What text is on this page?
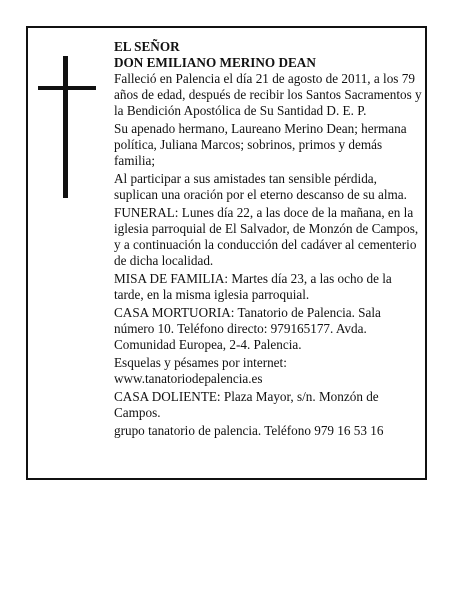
EL SEÑOR

DON EMILIANO MERINO DEAN

Falleció en Palencia el día 21 de agosto de 2011, a los 79 años de edad, después de recibir los Santos Sacramentos y la Bendición Apostólica de Su Santidad D. E. P.

Su apenado hermano, Laureano Merino Dean; hermana política, Juliana Marcos; sobrinos, primos y demás familia;

Al participar a sus amistades tan sensible pérdida, suplican una oración por el eterno descanso de su alma.

FUNERAL: Lunes día 22, a las doce de la mañana, en la iglesia parroquial de El Salvador, de Monzón de Campos, y a continuación la conducción del cadáver al cementerio de dicha localidad.

MISA DE FAMILIA: Martes día 23, a las ocho de la tarde, en la misma iglesia parroquial.

CASA MORTUORIA: Tanatorio de Palencia. Sala número 10. Teléfono directo: 979165177. Avda. Comunidad Europea, 2-4. Palencia.

Esquelas y pésames por internet: www.tanatoriodepalencia.es

CASA DOLIENTE: Plaza Mayor, s/n. Monzón de Campos.

grupo tanatorio de palencia. Teléfono 979 16 53 16
